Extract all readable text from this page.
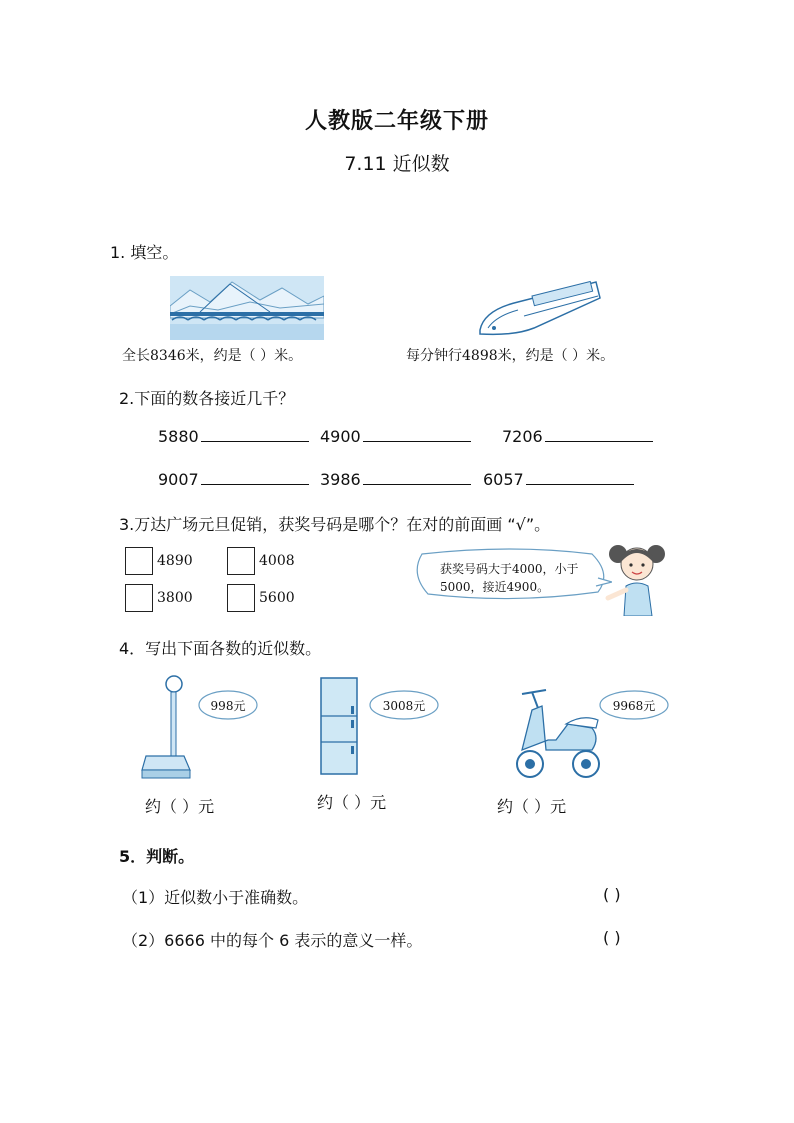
人教版二年级下册
7.11 近似数
1. 填空。
全长8346米，约是（ ）米。	每分钟行4898米，约是（ ）米。
2.下面的数各接近几千？
5880	4900	7206
9007	3986	6057
3.万达广场元旦促销，获奖号码是哪个？在对的前面画 “√”。
4890	4008
3800	5600
获奖号码大于4000，小于5000，接近4900。
4．写出下面各数的近似数。
998元	3008元	9968元
约（ ）元	约（ ）元	约（ ）元
5．判断。
（1）近似数小于准确数。	( )
（2）6666 中的每个 6 表示的意义一样。	( )
